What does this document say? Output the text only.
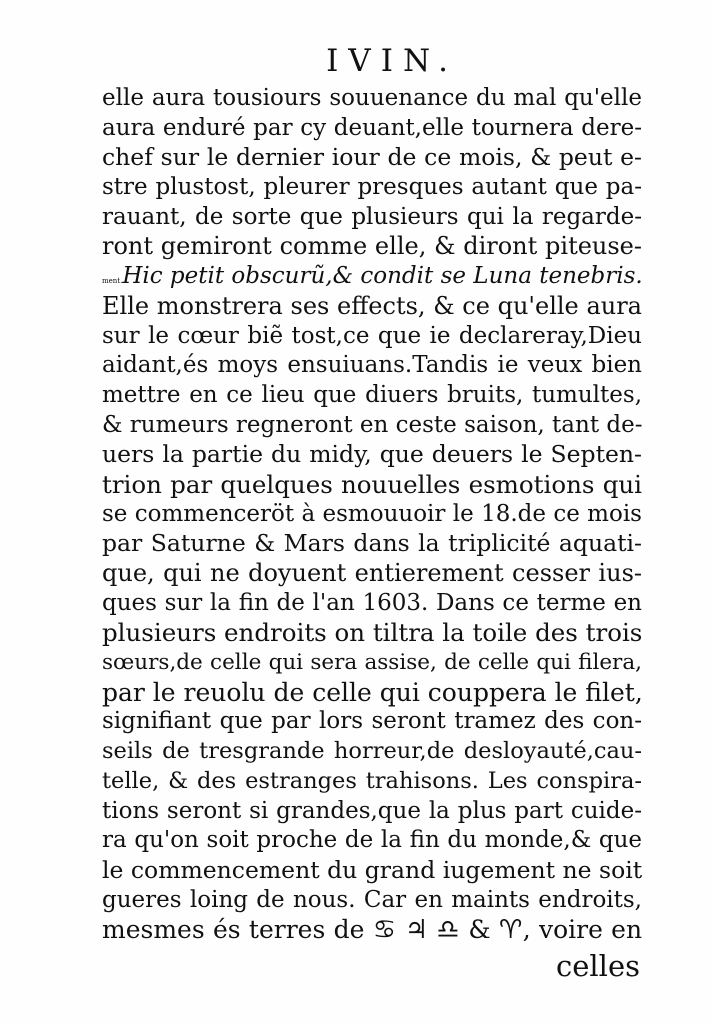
IVIN.
elle aura tousiours souuenance du mal qu'elle
aura enduré par cy deuant,elle tournera dere-
chef sur le dernier iour de ce mois, & peut e-
stre plustost, pleurer presques autant que pa-
rauant, de sorte que plusieurs qui la regarde-
ront gemiront comme elle, & diront piteuse-
ment.Hic petit obscurũ,& condit se Luna tenebris.
Elle monstrera ses effects, & ce qu'elle aura
sur le cœur biẽ tost,ce que ie declareray,Dieu
aidant,és moys ensuiuans.Tandis ie veux bien
mettre en ce lieu que diuers bruits, tumultes,
& rumeurs regneront en ceste saison, tant de-
uers la partie du midy, que deuers le Septen-
trion par quelques nouuelles esmotions qui
se commenceröt à esmouuoir le 18.de ce mois
par Saturne & Mars dans la triplicité aquati-
que, qui ne doyuent entierement cesser ius-
ques sur la fin de l'an 1603. Dans ce terme en
plusieurs endroits on tiltra la toile des trois
sœurs,de celle qui sera assise, de celle qui filera,
par le reuolu de celle qui couppera le filet,
signifiant que par lors seront tramez des con-
seils de tresgrande horreur,de desloyauté,cau-
telle, & des estranges trahisons. Les conspira-
tions seront si grandes,que la plus part cuide-
ra qu'on soit proche de la fin du monde,& que
le commencement du grand iugement ne soit
gueres loing de nous. Car en maints endroits,
mesmes és terres de ♋ ♃ ♎ & ♈, voire en
celles
